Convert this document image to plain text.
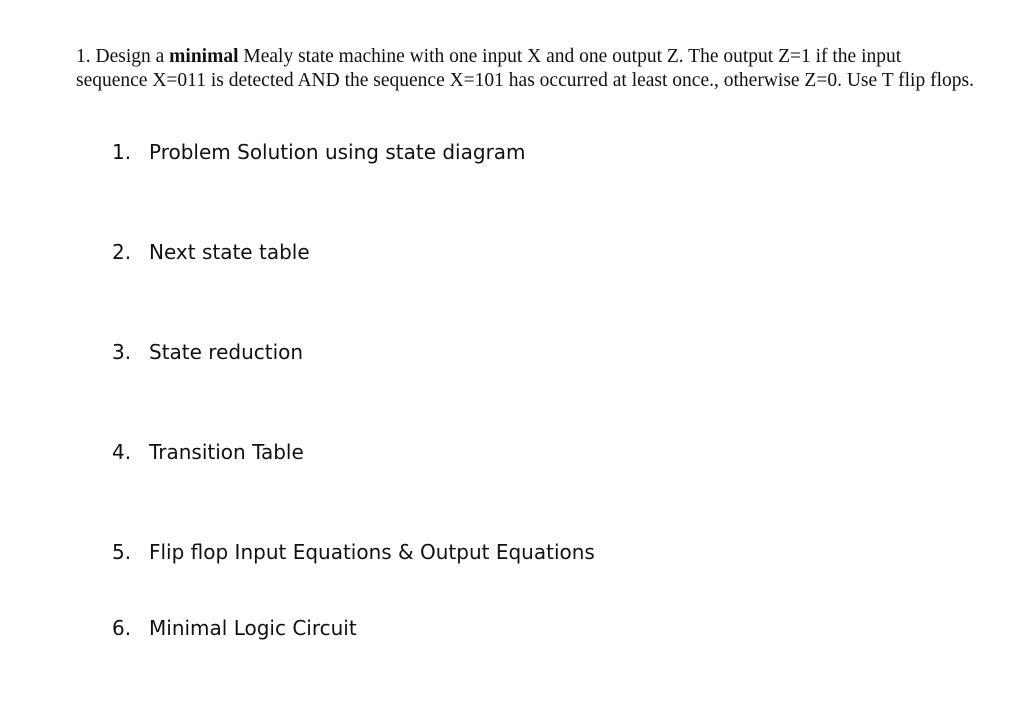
1. Design a minimal Mealy state machine with one input X and one output Z. The output Z=1 if the input sequence X=011 is detected AND the sequence X=101 has occurred at least once., otherwise Z=0. Use T flip flops.

1. Problem Solution using state diagram
2. Next state table
3. State reduction
4. Transition Table
5. Flip flop Input Equations & Output Equations
6. Minimal Logic Circuit
